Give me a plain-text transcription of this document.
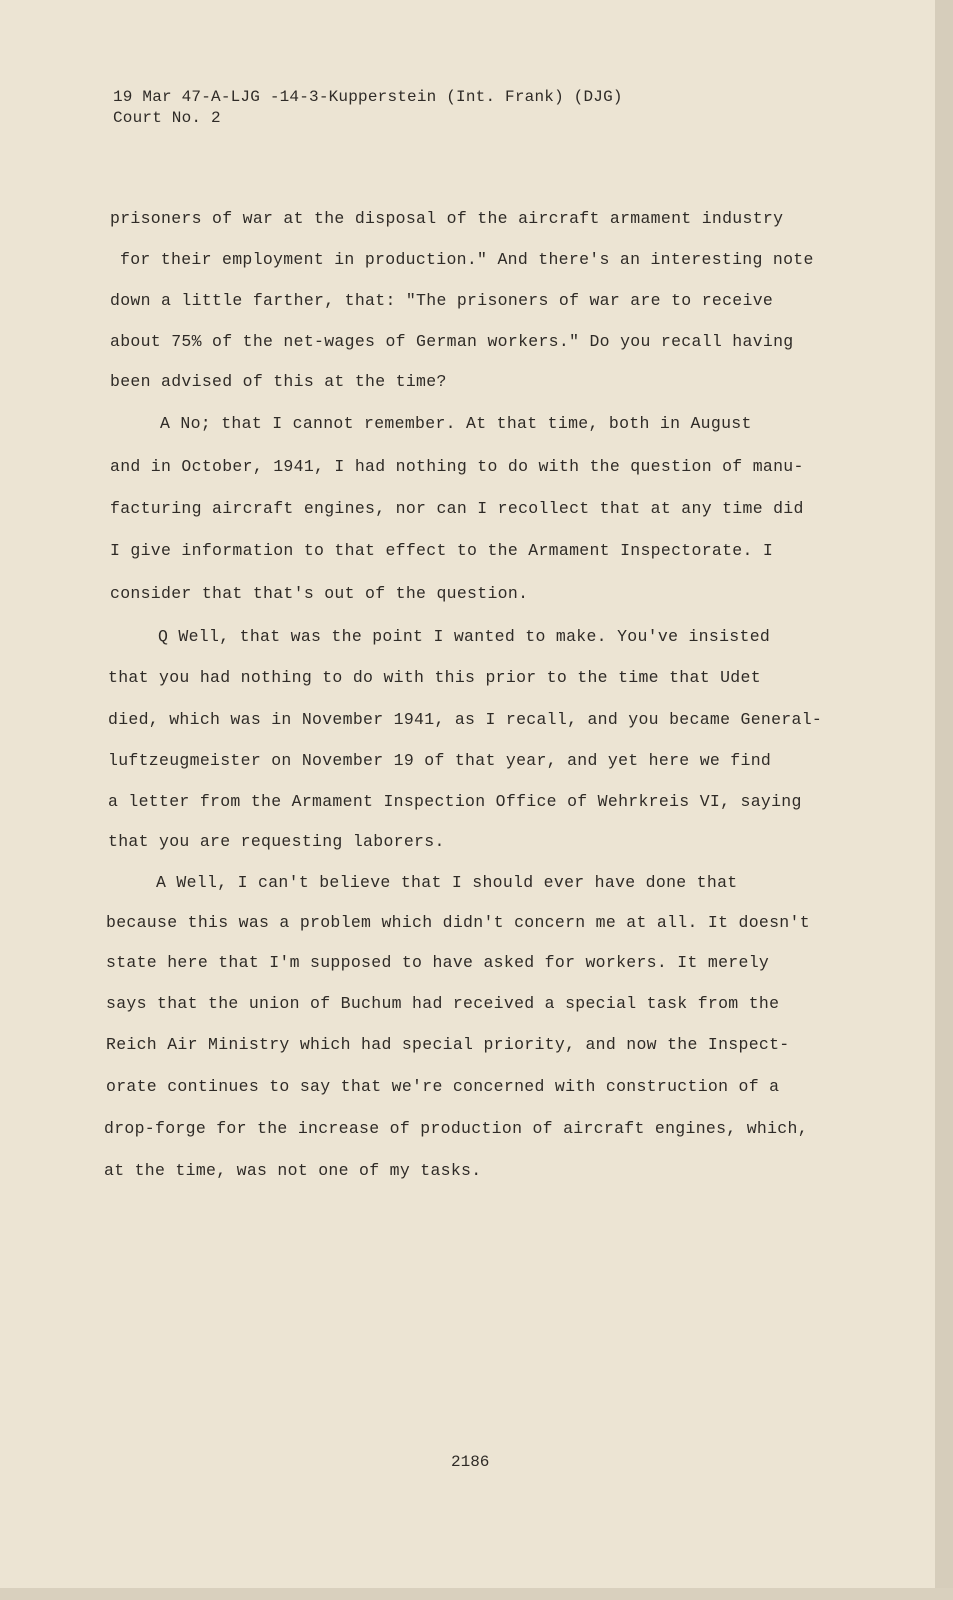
19 Mar 47-A-LJG -14-3-Kupperstein (Int. Frank) (DJG)
Court No. 2
prisoners of war at the disposal of the aircraft armament industry
for their employment in production." And there's an interesting note
down a little farther, that: "The prisoners of war are to receive
about 75% of the net-wages of German workers." Do you recall having
been advised of this at the time?
A No; that I cannot remember. At that time, both in August
and in October, 1941, I had nothing to do with the question of manu-
facturing aircraft engines, nor can I recollect that at any time did
I give information to that effect to the Armament Inspectorate. I
consider that that's out of the question.
Q Well, that was the point I wanted to make. You've insisted
that you had nothing to do with this prior to the time that Udet
died, which was in November 1941, as I recall, and you became General-
luftzeugmeister on November 19 of that year, and yet here we find
a letter from the Armament Inspection Office of Wehrkreis VI, saying
that you are requesting laborers.
A Well, I can't believe that I should ever have done that
because this was a problem which didn't concern me at all. It doesn't
state here that I'm supposed to have asked for workers. It merely
says that the union of Buchum had received a special task from the
Reich Air Ministry which had special priority, and now the Inspect-
orate continues to say that we're concerned with construction of a
drop-forge for the increase of production of aircraft engines, which,
at the time, was not one of my tasks.
2186
